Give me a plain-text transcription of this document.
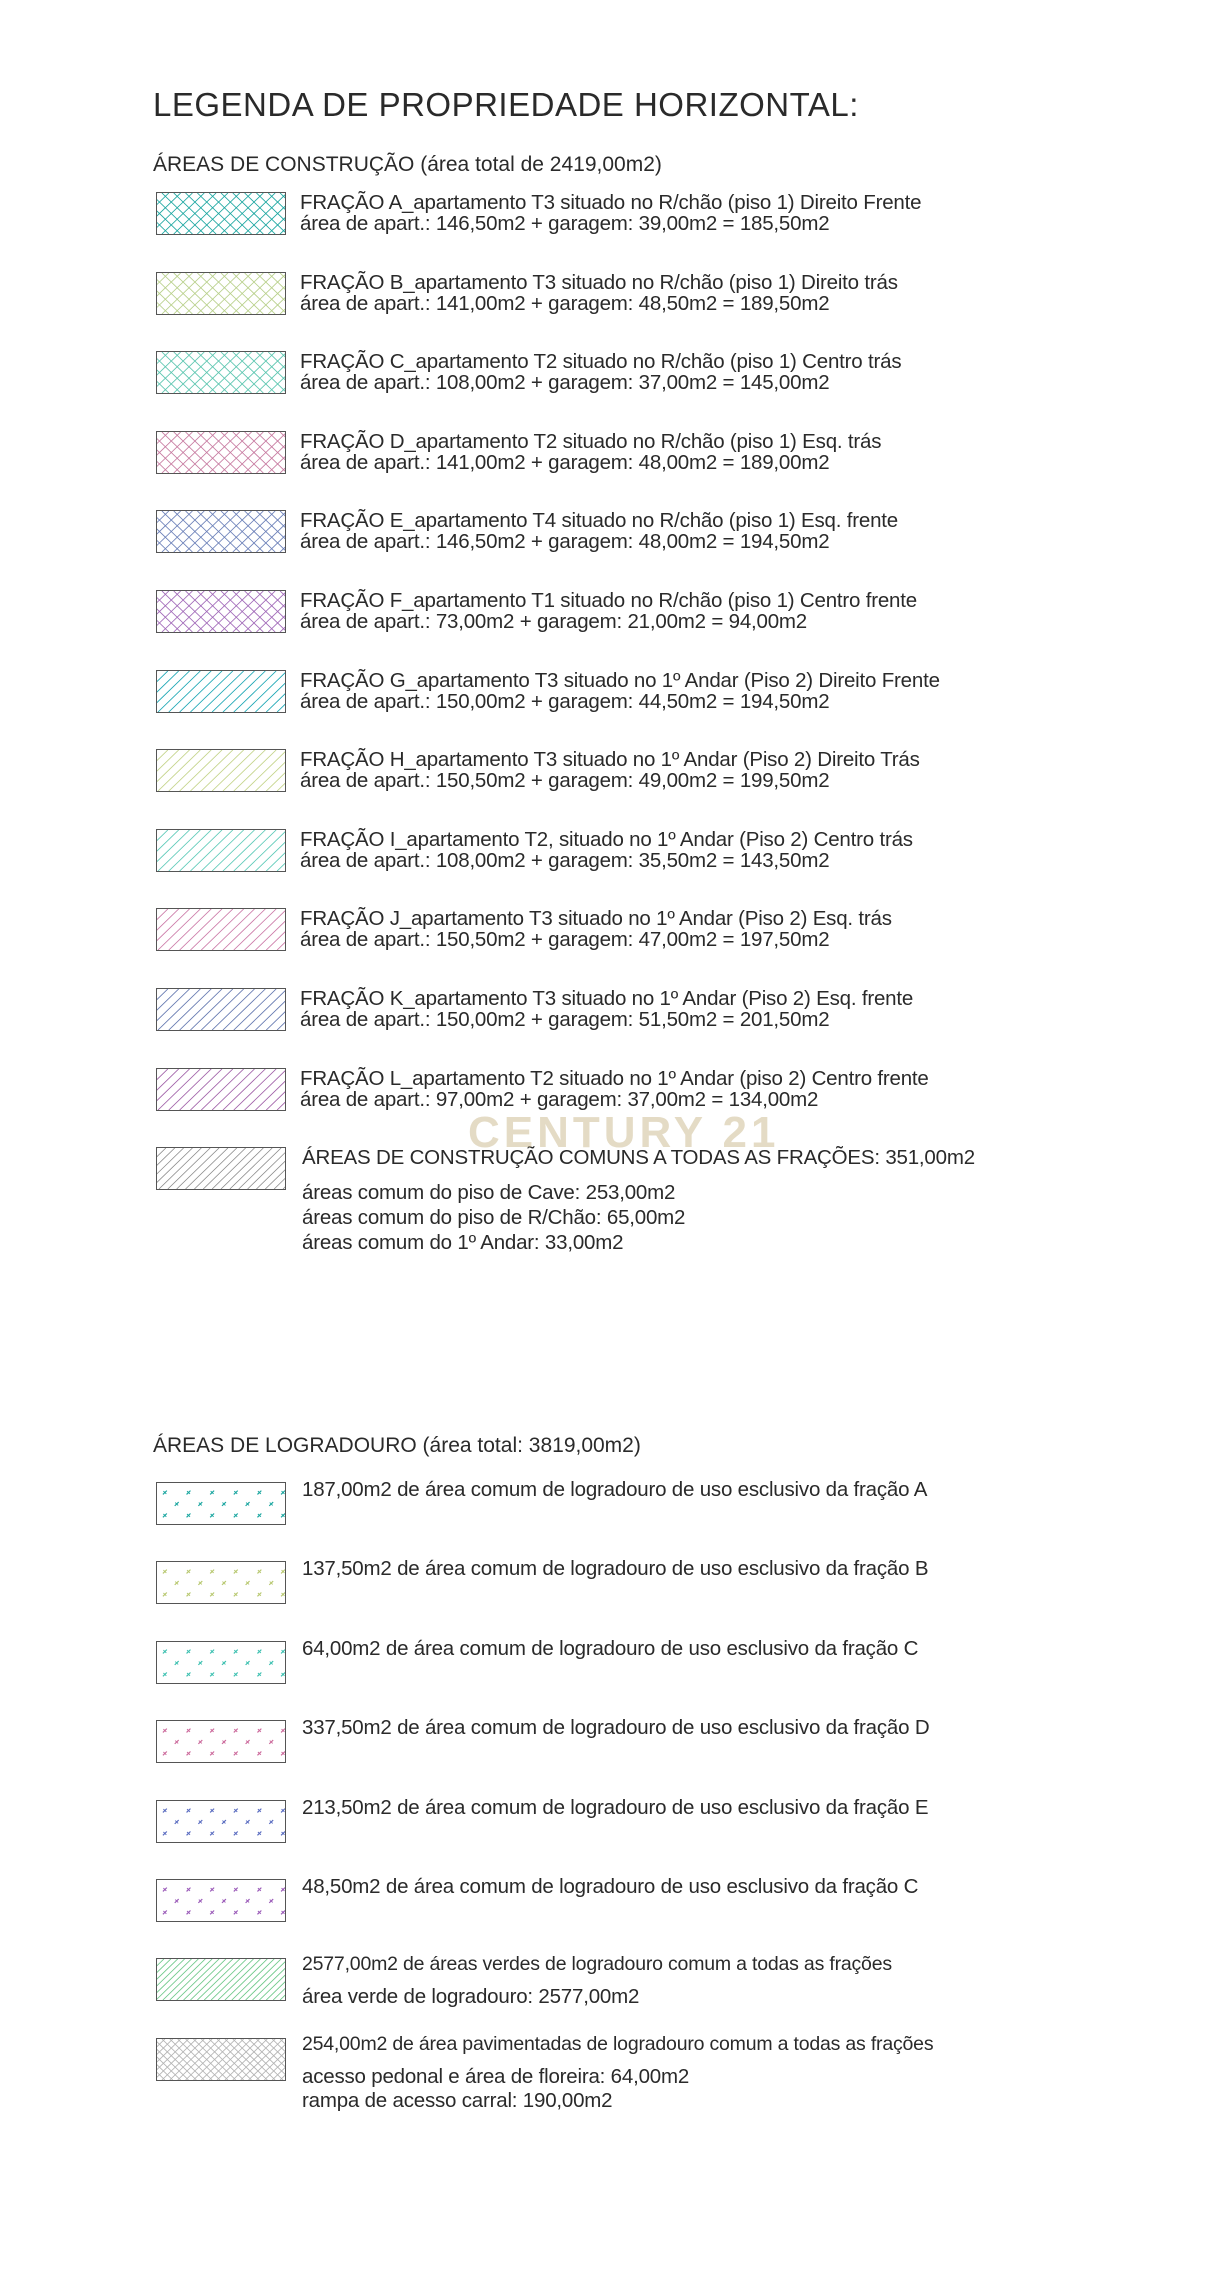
LEGENDA DE PROPRIEDADE HORIZONTAL:
ÁREAS DE CONSTRUÇÃO (área total de 2419,00m2)
FRAÇÃO A_apartamento T3 situado no R/chão (piso 1) Direito Frente
área de apart.: 146,50m2 + garagem: 39,00m2 = 185,50m2
FRAÇÃO B_apartamento T3 situado no R/chão (piso 1) Direito trás
área de apart.: 141,00m2 + garagem: 48,50m2 = 189,50m2
FRAÇÃO C_apartamento T2 situado no R/chão (piso 1) Centro trás
área de apart.: 108,00m2 + garagem: 37,00m2 = 145,00m2
FRAÇÃO D_apartamento T2 situado no R/chão (piso 1) Esq. trás
área de apart.: 141,00m2 + garagem: 48,00m2 = 189,00m2
FRAÇÃO E_apartamento T4 situado no R/chão (piso 1) Esq. frente
área de apart.: 146,50m2 + garagem: 48,00m2 = 194,50m2
FRAÇÃO F_apartamento T1 situado no R/chão (piso 1) Centro frente
área de apart.: 73,00m2 + garagem: 21,00m2 = 94,00m2
FRAÇÃO G_apartamento T3 situado no 1º Andar (Piso 2) Direito Frente
área de apart.: 150,00m2 + garagem: 44,50m2 = 194,50m2
FRAÇÃO H_apartamento T3 situado no 1º Andar (Piso 2) Direito Trás
área de apart.: 150,50m2 + garagem: 49,00m2 = 199,50m2
FRAÇÃO I_apartamento T2, situado no 1º Andar (Piso 2) Centro trás
área de apart.: 108,00m2 + garagem: 35,50m2 = 143,50m2
FRAÇÃO J_apartamento T3 situado no 1º Andar (Piso 2) Esq. trás
área de apart.: 150,50m2 + garagem: 47,00m2 = 197,50m2
FRAÇÃO K_apartamento T3 situado no 1º Andar (Piso 2) Esq. frente
área de apart.: 150,00m2 + garagem: 51,50m2 = 201,50m2
FRAÇÃO L_apartamento T2 situado no 1º Andar (piso 2) Centro frente
área de apart.: 97,00m2 + garagem: 37,00m2 = 134,00m2
ÁREAS DE CONSTRUÇÃO COMUNS A TODAS AS FRAÇÕES: 351,00m2
áreas comum do piso de Cave: 253,00m2
áreas comum do piso de R/Chão: 65,00m2
áreas comum do 1º Andar: 33,00m2
CENTURY 21
ÁREAS DE LOGRADOURO (área total: 3819,00m2)
187,00m2 de área comum de logradouro de uso esclusivo da fração A
137,50m2 de área comum de logradouro de uso esclusivo da fração B
64,00m2 de área comum de logradouro de uso esclusivo da fração C
337,50m2 de área comum de logradouro de uso esclusivo da fração D
213,50m2 de área comum de logradouro de uso esclusivo da fração E
48,50m2 de área comum de logradouro de uso esclusivo da fração C
2577,00m2 de áreas verdes de logradouro comum a todas as frações
área verde de logradouro: 2577,00m2
254,00m2 de área pavimentadas de logradouro comum a todas as frações
acesso pedonal e área de floreira: 64,00m2
rampa de acesso carral: 190,00m2
